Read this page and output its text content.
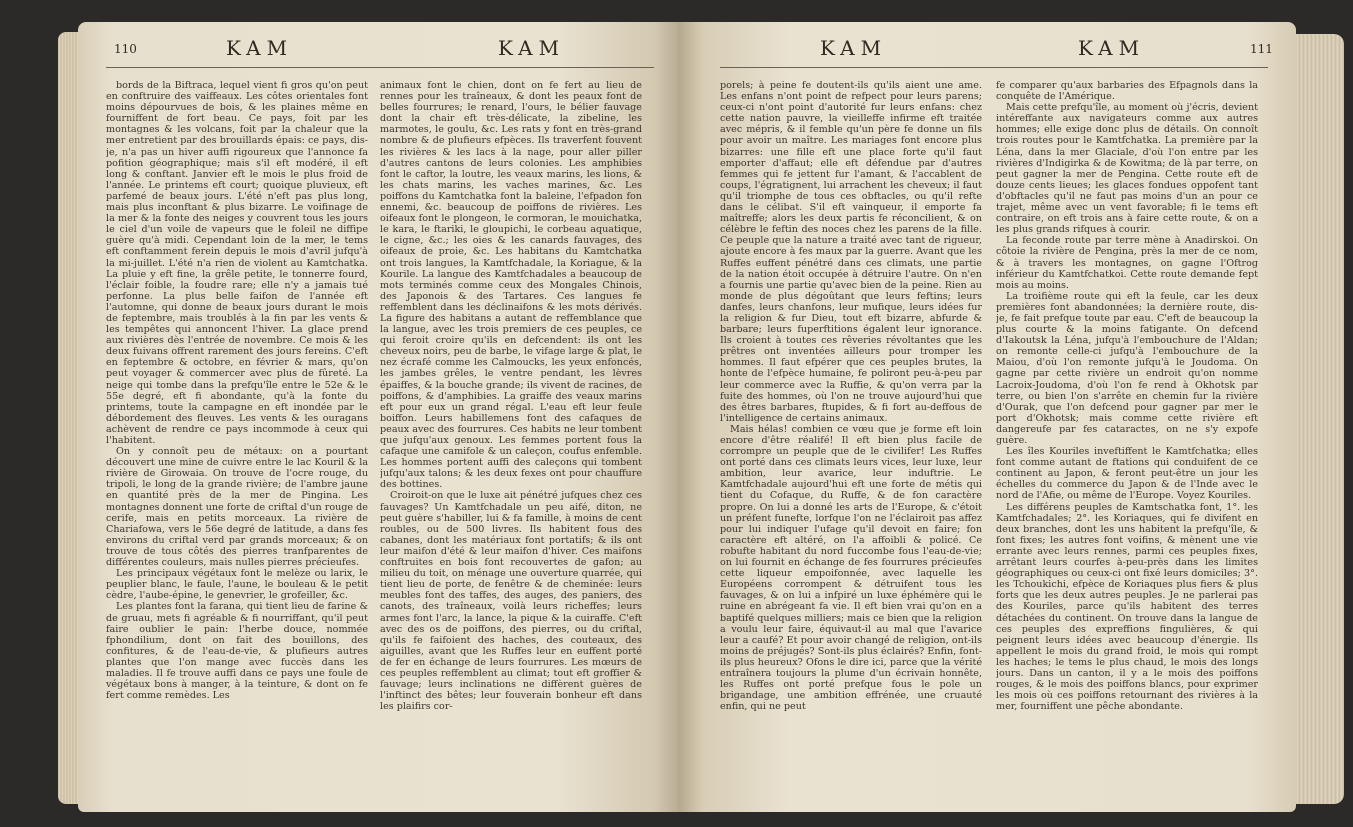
110	KAM	KAM

bords de la Biftraca, lequel vient fi gros qu'on peut en conftruire des vaiffeaux. Les côtes orientales font moins dépourvues de bois, & les plaines même en fourniffent de fort beau. Ce pays, foit par les montagnes & les volcans, foit par la chaleur que la mer entretient par des brouillards épais: ce pays, dis-je, n'a pas un hiver auffi rigoureux que l'annonce fa pofition géographique; mais s'il eft modéré, il eft long & conftant. Janvier eft le mois le plus froid de l'année. Le printems eft court; quoique pluvieux, eft parfemé de beaux jours. L'été n'eft pas plus long, mais plus inconftant & plus bizarre. Le voifinage de la mer & la fonte des neiges y couvrent tous les jours le ciel d'un voile de vapeurs que le foleil ne diffipe guère qu'à midi. Cependant loin de la mer, le tems eft conftamment ferein depuis le mois d'avril jufqu'à la mi-juillet. L'été n'a rien de violent au Kamtchatka. La pluie y eft fine, la grêle petite, le tonnerre fourd, l'éclair foible, la foudre rare; elle n'y a jamais tué perfonne. La plus belle faifon de l'année eft l'automne, qui donne de beaux jours durant le mois de feptembre, mais troublés à la fin par les vents & les tempêtes qui annoncent l'hiver. La glace prend aux rivières dès l'entrée de novembre. Ce mois & les deux fuivans offrent rarement des jours fereins. C'eft en feptembre & octobre, en février & mars, qu'on peut voyager & commercer avec plus de fûreté. La neige qui tombe dans la prefqu'île entre le 52e & le 55e degré, eft fi abondante, qu'à la fonte du printems, toute la campagne en eft inondée par le débordement des fleuves. Les vents & les ouragans achèvent de rendre ce pays incommode à ceux qui l'habitent.

On y connoît peu de métaux: on a pourtant découvert une mine de cuivre entre le lac Kouril & la rivière de Girowaia. On trouve de l'ocre rouge, du tripoli, le long de la grande rivière; de l'ambre jaune en quantité près de la mer de Pingina. Les montagnes donnent une forte de criftal d'un rouge de cerife, mais en petits morceaux. La rivière de Chariafowa, vers le 56e degré de latitude, a dans fes environs du criftal verd par grands morceaux; & on trouve de tous côtés des pierres tranfparentes de différentes couleurs, mais nulles pierres précieufes.

Les principaux végétaux font le melèze ou larix, le peuplier blanc, le faule, l'aune, le bouleau & le petit cèdre, l'aube-épine, le genevrier, le grofeiller, &c.

Les plantes font la farana, qui tient lieu de farine & de gruau, mets fi agréable & fi nourriffant, qu'il peut faire oublier le pain: l'herbe douce, nommée fphondilium, dont on fait des bouillons, des confitures, & de l'eau-de-vie, & plufieurs autres plantes que l'on mange avec fuccès dans les maladies. Il fe trouve auffi dans ce pays une foule de végétaux bons à manger, à la teinture, & dont on fe fert comme remèdes. Les

animaux font le chien, dont on fe fert au lieu de rennes pour les traîneaux, & dont les peaux font de belles fourrures; le renard, l'ours, le bélier fauvage dont la chair eft très-délicate, la zibeline, les marmotes, le goulu, &c. Les rats y font en très-grand nombre & de plufieurs efpèces. Ils traverfent fouvent les rivières & les lacs à la nage, pour aller piller d'autres cantons de leurs colonies. Les amphibies font le caftor, la loutre, les veaux marins, les lions, & les chats marins, les vaches marines, &c. Les poiffons du Kamtchatka font la baleine, l'efpadon fon ennemi, &c. beaucoup de poiffons de rivières. Les oifeaux font le plongeon, le cormoran, le mouichatka, le kara, le ftariki, le gloupichi, le corbeau aquatique, le cigne, &c.; les oies & les canards fauvages, des oifeaux de proie, &c. Les habitans du Kamtchatka ont trois langues, la Kamtfchadale, la Koriague, & la Kourile. La langue des Kamtfchadales a beaucoup de mots terminés comme ceux des Mongales Chinois, des Japonois & des Tartares. Ces langues fe reffemblent dans les déclinaifons & les mots dérivés. La figure des habitans a autant de reffemblance que la langue, avec les trois premiers de ces peuples, ce qui feroit croire qu'ils en defcendent: ils ont les cheveux noirs, peu de barbe, le vifage large & plat, le nez écrafé comme les Calmoucks, les yeux enfoncés, les jambes grêles, le ventre pendant, les lèvres épaiffes, & la bouche grande; ils vivent de racines, de poiffons, & d'amphibies. La graiffe des veaux marins eft pour eux un grand régal. L'eau eft leur feule boiffon. Leurs habillemens font des cafaques de peaux avec des fourrures. Ces habits ne leur tombent que jufqu'aux genoux. Les femmes portent fous la cafaque une camifole & un caleçon, coufus enfemble. Les hommes portent auffi des caleçons qui tombent jufqu'aux talons; & les deux fexes ont pour chauffure des bottines.

Croiroit-on que le luxe ait pénétré jufques chez ces fauvages? Un Kamtfchadale un peu aifé, diton, ne peut guère s'habiller, lui & fa famille, à moins de cent roubles, ou de 500 livres. Ils habitent fous des cabanes, dont les matériaux font portatifs; & ils ont leur maifon d'été & leur maifon d'hiver. Ces maifons conftruites en bois font recouvertes de gafon; au milieu du toit, on ménage une ouverture quarrée, qui tient lieu de porte, de fenêtre & de cheminée: leurs meubles font des taffes, des auges, des paniers, des canots, des traîneaux, voilà leurs richeffes; leurs armes font l'arc, la lance, la pique & la cuiraffe. C'eft avec des os de poiffons, des pierres, ou du criftal, qu'ils fe faifoient des haches, des couteaux, des aiguilles, avant que les Ruffes leur en euffent porté de fer en échange de leurs fourrures. Les mœurs de ces peuples reffemblent au climat; tout eft groffier & fauvage; leurs inclinations ne diffèrent guères de l'inftinct des bêtes; leur fouverain bonheur eft dans les plaifirs cor-

KAM	KAM	111

porels; à peine fe doutent-ils qu'ils aient une ame. Les enfans n'ont point de refpect pour leurs parens; ceux-ci n'ont point d'autorité fur leurs enfans: chez cette nation pauvre, la vieilleffe infirme eft traitée avec mépris, & il femble qu'un père fe donne un fils pour avoir un maître. Les mariages font encore plus bizarres: une fille eft une place forte qu'il faut emporter d'affaut; elle eft défendue par d'autres femmes qui fe jettent fur l'amant, & l'accablent de coups, l'égratignent, lui arrachent les cheveux; il faut qu'il triomphe de tous ces obftacles, ou qu'il refte dans le célibat. S'il eft vainqueur, il emporte fa maîtreffe; alors les deux partis fe réconcilient, & on célèbre le feftin des noces chez les parens de la fille. Ce peuple que la nature a traité avec tant de rigueur, ajoute encore à fes maux par la guerre. Avant que les Ruffes euffent pénétré dans ces climats, une partie de la nation étoit occupée à détruire l'autre. On n'en a fournis une partie qu'avec bien de la peine. Rien au monde de plus dégoûtant que leurs feftins; leurs danfes, leurs chanfons, leur mufique, leurs idées fur la religion & fur Dieu, tout eft bizarre, abfurde & barbare; leurs fuperftitions égalent leur ignorance. Ils croient à toutes ces rêveries révoltantes que les prêtres ont inventées ailleurs pour tromper les hommes. Il faut efpérer que ces peuples brutes, la honte de l'efpèce humaine, fe poliront peu-à-peu par leur commerce avec la Ruffie, & qu'on verra par la fuite des hommes, où l'on ne trouve aujourd'hui que des êtres barbares, ftupides, & fi fort au-deffous de l'intelligence de certains animaux.

Mais hélas! combien ce vœu que je forme eft loin encore d'être réalifé! Il eft bien plus facile de corrompre un peuple que de le civilifer! Les Ruffes ont porté dans ces climats leurs vices, leur luxe, leur ambition, leur avarice, leur induftrie. Le Kamtfchadale aujourd'hui eft une forte de métis qui tient du Cofaque, du Ruffe, & de fon caractère propre. On lui a donné les arts de l'Europe, & c'étoit un préfent funefte, lorfque l'on ne l'éclairoit pas affez pour lui indiquer l'ufage qu'il devoit en faire; fon caractère eft altéré, on l'a affoibli & policé. Ce robufte habitant du nord fuccombe fous l'eau-de-vie; on lui fournit en échange de fes fourrures précieufes cette liqueur empoifonnée, avec laquelle les Européens corrompent & détruifent tous les fauvages, & on lui a infpiré un luxe éphémère qui le ruine en abrégeant fa vie. Il eft bien vrai qu'on en a baptifé quelques milliers; mais ce bien que la religion a voulu leur faire, équivaut-il au mal que l'avarice leur a caufé? Et pour avoir changé de religion, ont-ils moins de préjugés? Sont-ils plus éclairés? Enfin, font-ils plus heureux? Ofons le dire ici, parce que la vérité entraînera toujours la plume d'un écrivain honnête, les Ruffes ont porté prefque fous le pole un brigandage, une ambition effrénée, une cruauté enfin, qui ne peut

fe comparer qu'aux barbaries des Efpagnols dans la conquête de l'Amérique.

Mais cette prefqu'île, au moment où j'écris, devient intéreffante aux navigateurs comme aux autres hommes; elle exige donc plus de détails. On connoît trois routes pour le Kamtfchatka. La première par la Léna, dans la mer Glaciale, d'où l'on entre par les rivières d'Indigirka & de Kowitma; de là par terre, on peut gagner la mer de Pengina. Cette route eft de douze cents lieues; les glaces fondues oppofent tant d'obftacles qu'il ne faut pas moins d'un an pour ce trajet, même avec un vent favorable; fi le tems eft contraire, on eft trois ans à faire cette route, & on a les plus grands rifques à courir.

La feconde route par terre mène à Anadirskoi. On côtoie la rivière de Pengina, près la mer de ce nom, & à travers les montagnes, on gagne l'Oftrog inférieur du Kamtfchatkoi. Cette route demande fept mois au moins.

La troifième route qui eft la feule, car les deux premières font abandonnées; la dernière route, dis-je, fe fait prefque toute par eau. C'eft de beaucoup la plus courte & la moins fatigante. On defcend d'Iakoutsk la Léna, jufqu'à l'embouchure de l'Aldan; on remonte celle-ci jufqu'à l'embouchure de la Maiou, d'où l'on remonte jufqu'à le Joudoma. On gagne par cette rivière un endroit qu'on nomme Lacroix-Joudoma, d'où l'on fe rend à Okhotsk par terre, ou bien l'on s'arrête en chemin fur la rivière d'Ourak, que l'on defcend pour gagner par mer le port d'Okhotsk; mais comme cette rivière eft dangereufe par fes cataractes, on ne s'y expofe guère.

Les îles Kouriles inveftiffent le Kamtfchatka; elles font comme autant de ftations qui conduifent de ce continent au Japon, & feront peut-être un jour les échelles du commerce du Japon & de l'Inde avec le nord de l'Afie, ou même de l'Europe. Voyez Kouriles.

Les différens peuples de Kamtschatka font, 1°. les Kamtfchadales; 2°. les Koriaques, qui fe divifent en deux branches, dont les uns habitent la prefqu'île, & font fixes; les autres font voifins, & mènent une vie errante avec leurs rennes, parmi ces peuples fixes, arrêtant leurs courfes à-peu-près dans les limites géographiques ou ceux-ci ont fixé leurs domiciles; 3°. les Tchoukichi, efpèce de Koriaques plus fiers & plus forts que les deux autres peuples. Je ne parlerai pas des Kouriles, parce qu'ils habitent des terres détachées du continent. On trouve dans la langue de ces peuples des expreffions fingulières, & qui peignent leurs idées avec beaucoup d'énergie. Ils appellent le mois du grand froid, le mois qui rompt les haches; le tems le plus chaud, le mois des longs jours. Dans un canton, il y a le mois des poiffons rouges, & le mois des poiffons blancs, pour exprimer les mois où ces poiffons retournant des rivières à la mer, fourniffent une pêche abondante.
